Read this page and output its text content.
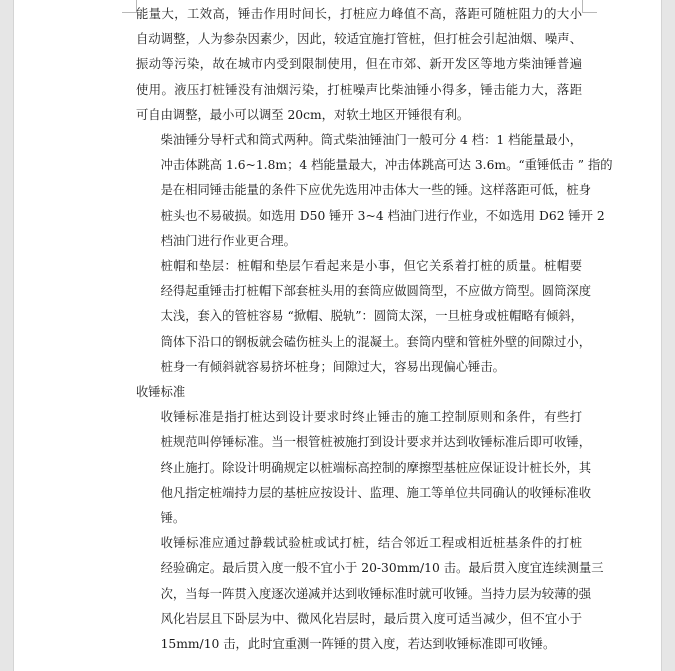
能量大，工效高，锤击作用时间长，打桩应力峰值不高，落距可随桩阻力的大小
自动调整，人为参杂因素少，因此，较适宜施打管桩，但打桩会引起油烟、噪声、
振动等污染，故在城市内受到限制使用，但在市郊、新开发区等地方柴油锤普遍
使用。液压打桩锤没有油烟污染，打桩噪声比柴油锤小得多，锤击能力大，落距
可自由调整，最小可以调至 20cm，对软土地区开锤很有利。

柴油锤分导杆式和筒式两种。筒式柴油锤油门一般可分 4 档：1 档能量最小，
冲击体跳高 1.6~1.8m；4 档能量最大，冲击体跳高可达 3.6m。“重锤低击 ” 指的
是在相同锤击能量的条件下应优先选用冲击体大一些的锤。这样落距可低，桩身
桩头也不易破损。如选用 D50 锤开 3~4 档油门进行作业，不如选用 D62 锤开 2
档油门进行作业更合理。

桩帽和垫层：桩帽和垫层乍看起来是小事，但它关系着打桩的质量。桩帽要
经得起重锤击打桩帽下部套桩头用的套筒应做圆筒型，不应做方筒型。圆筒深度
太浅，套入的管桩容易 “掀帽、脱轨”：圆筒太深，一旦桩身或桩帽略有倾斜，
筒体下沿口的钢板就会磕伤桩头上的混凝土。套筒内壁和管桩外壁的间隙过小，
桩身一有倾斜就容易挤坏桩身；间隙过大，容易出现偏心锤击。

收锤标准

收锤标准是指打桩达到设计要求时终止锤击的施工控制原则和条件，有些打
桩规范叫停锤标准。当一根管桩被施打到设计要求并达到收锤标准后即可收锤，
终止施打。除设计明确规定以桩端标高控制的摩擦型基桩应保证设计桩长外，其
他凡指定桩端持力层的基桩应按设计、监理、施工等单位共同确认的收锤标准收
锤。

收锤标准应通过静载试验桩或试打桩，结合邻近工程或相近桩基条件的打桩
经验确定。最后贯入度一般不宜小于 20-30mm/10 击。最后贯入度宜连续测量三
次，当每一阵贯入度逐次递减并达到收锤标准时就可收锤。当持力层为较薄的强
风化岩层且下卧层为中、微风化岩层时，最后贯入度可适当减少，但不宜小于
15mm/10 击，此时宜重测一阵锤的贯入度，若达到收锤标准即可收锤。
